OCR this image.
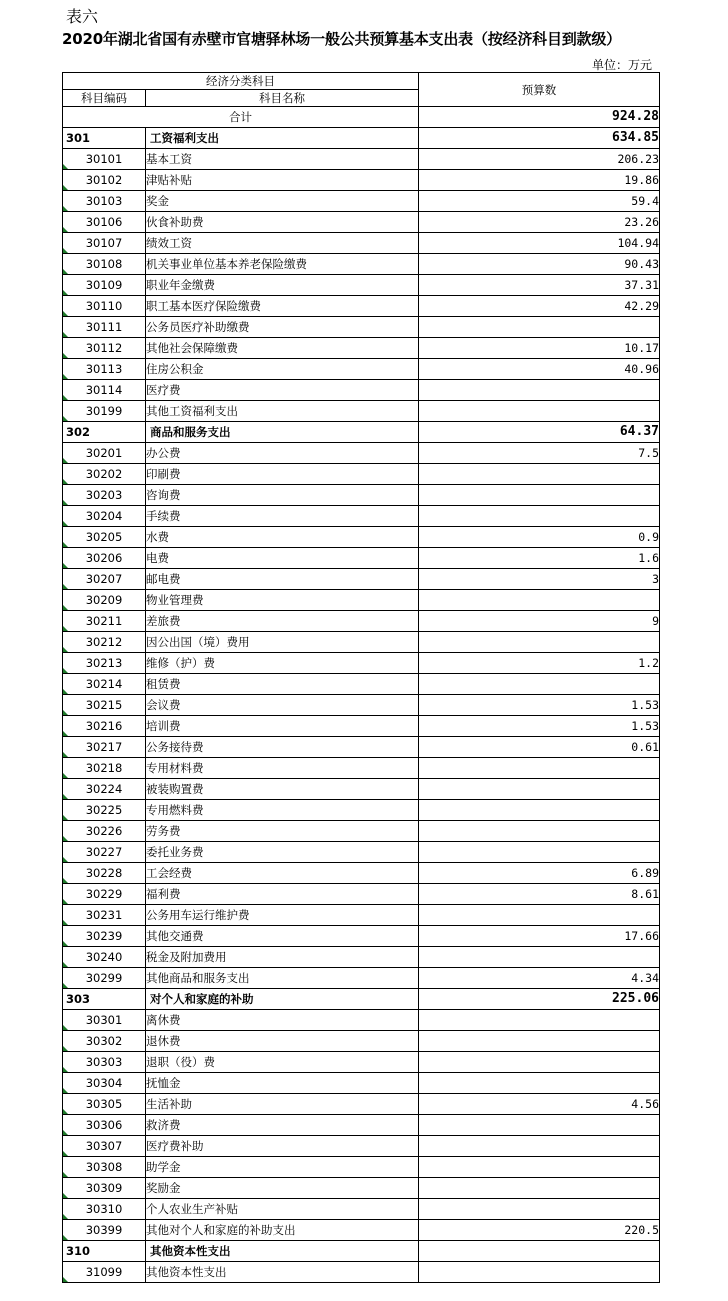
表六
2020年湖北省国有赤壁市官塘驿林场一般公共预算基本支出表（按经济科目到款级）
单位：万元
经济分类科目		预算数
科目编码	科目名称	
合计		924.28
301	工资福利支出	634.85
30101	基本工资	206.23
30102	津贴补贴	19.86
30103	奖金	59.4
30106	伙食补助费	23.26
30107	绩效工资	104.94
30108	机关事业单位基本养老保险缴费	90.43
30109	职业年金缴费	37.31
30110	职工基本医疗保险缴费	42.29
30111	公务员医疗补助缴费	
30112	其他社会保障缴费	10.17
30113	住房公积金	40.96
30114	医疗费	
30199	其他工资福利支出	
302	商品和服务支出	64.37
30201	办公费	7.5
30202	印刷费	
30203	咨询费	
30204	手续费	
30205	水费	0.9
30206	电费	1.6
30207	邮电费	3
30209	物业管理费	
30211	差旅费	9
30212	因公出国（境）费用	
30213	维修（护）费	1.2
30214	租赁费	
30215	会议费	1.53
30216	培训费	1.53
30217	公务接待费	0.61
30218	专用材料费	
30224	被装购置费	
30225	专用燃料费	
30226	劳务费	
30227	委托业务费	
30228	工会经费	6.89
30229	福利费	8.61
30231	公务用车运行维护费	
30239	其他交通费	17.66
30240	税金及附加费用	
30299	其他商品和服务支出	4.34
303	对个人和家庭的补助	225.06
30301	离休费	
30302	退休费	
30303	退职（役）费	
30304	抚恤金	
30305	生活补助	4.56
30306	救济费	
30307	医疗费补助	
30308	助学金	
30309	奖励金	
30310	个人农业生产补贴	
30399	其他对个人和家庭的补助支出	220.5
310	其他资本性支出	
31099	其他资本性支出	
